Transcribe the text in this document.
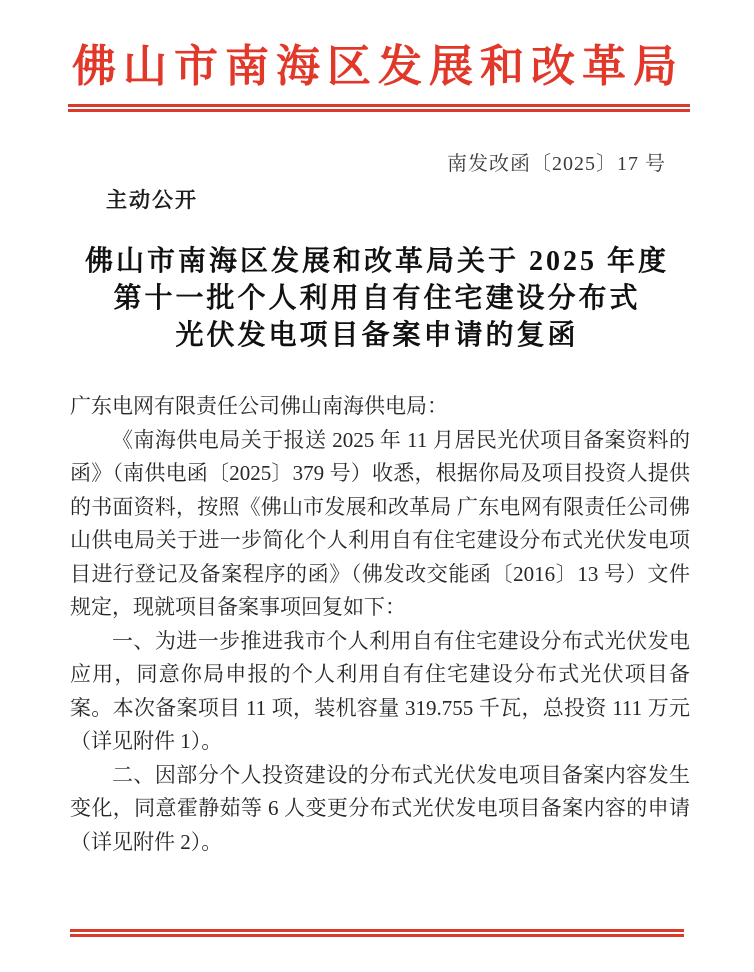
佛山市南海区发展和改革局
南发改函〔2025〕17 号
主动公开
佛山市南海区发展和改革局关于 2025 年度
第十一批个人利用自有住宅建设分布式
光伏发电项目备案申请的复函

广东电网有限责任公司佛山南海供电局：

《南海供电局关于报送 2025 年 11 月居民光伏项目备案资料的函》（南供电函〔2025〕379 号）收悉，根据你局及项目投资人提供的书面资料，按照《佛山市发展和改革局 广东电网有限责任公司佛山供电局关于进一步简化个人利用自有住宅建设分布式光伏发电项目进行登记及备案程序的函》（佛发改交能函〔2016〕13 号）文件规定，现就项目备案事项回复如下：

一、为进一步推进我市个人利用自有住宅建设分布式光伏发电应用，同意你局申报的个人利用自有住宅建设分布式光伏项目备案。本次备案项目 11 项，装机容量 319.755 千瓦，总投资 111 万元（详见附件 1）。

二、因部分个人投资建设的分布式光伏发电项目备案内容发生变化，同意霍静茹等 6 人变更分布式光伏发电项目备案内容的申请（详见附件 2）。
